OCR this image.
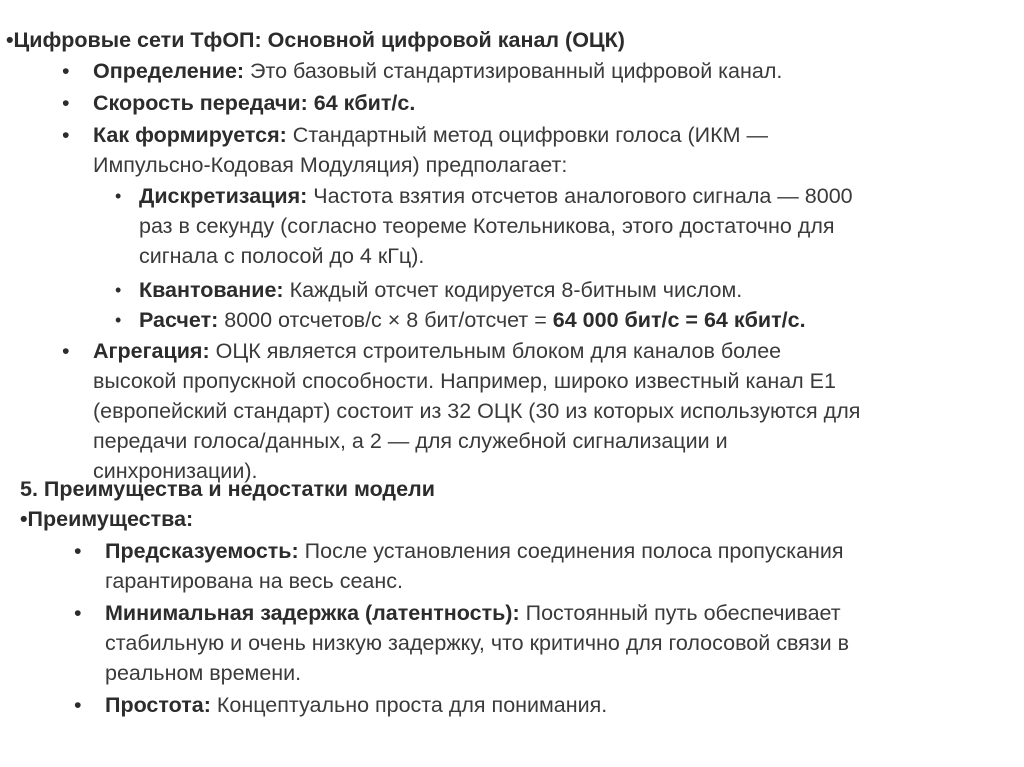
•Цифровые сети ТфОП: Основной цифровой канал (ОЦК)
• Определение: Это базовый стандартизированный цифровой канал.
• Скорость передачи: 64 кбит/с.
• Как формируется: Стандартный метод оцифровки голоса (ИКМ —
Импульсно-Кодовая Модуляция) предполагает:
• Дискретизация: Частота взятия отсчетов аналогового сигнала — 8000
раз в секунду (согласно теореме Котельникова, этого достаточно для
сигнала с полосой до 4 кГц).
• Квантование: Каждый отсчет кодируется 8-битным числом.
• Расчет: 8000 отсчетов/с × 8 бит/отсчет = 64 000 бит/с = 64 кбит/с.
• Агрегация: ОЦК является строительным блоком для каналов более
высокой пропускной способности. Например, широко известный канал E1
(европейский стандарт) состоит из 32 ОЦК (30 из которых используются для
передачи голоса/данных, а 2 — для служебной сигнализации и
синхронизации).
5. Преимущества и недостатки модели
•Преимущества:
• Предсказуемость: После установления соединения полоса пропускания
гарантирована на весь сеанс.
• Минимальная задержка (латентность): Постоянный путь обеспечивает
стабильную и очень низкую задержку, что критично для голосовой связи в
реальном времени.
• Простота: Концептуально проста для понимания.
